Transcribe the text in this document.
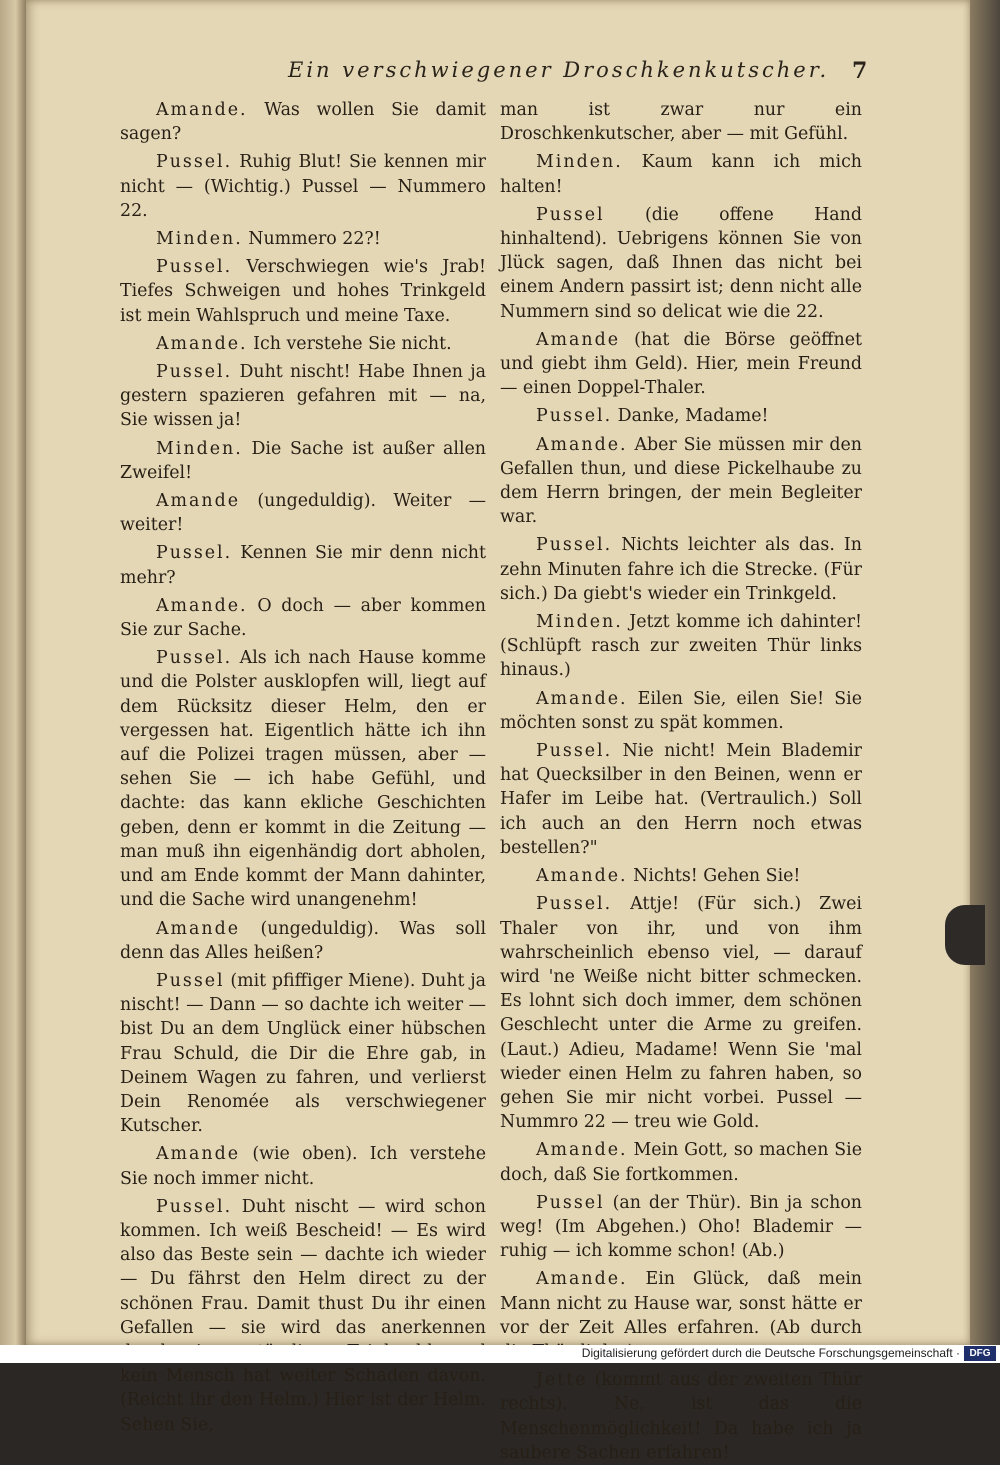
Ein verschwiegener Droschkenkutscher. 7

Amande. Was wollen Sie damit sagen?

Pussel. Ruhig Blut! Sie kennen mir nicht — (Wichtig.) Pussel — Nummero 22.

Minden. Nummero 22?!

Pussel. Verschwiegen wie's Jrab! Tiefes Schweigen und hohes Trinkgeld ist mein Wahlspruch und meine Taxe.

Amande. Ich verstehe Sie nicht.

Pussel. Duht nischt! Habe Ihnen ja gestern spazieren gefahren mit — na, Sie wissen ja!

Minden. Die Sache ist außer allen Zweifel!

Amande (ungeduldig). Weiter — weiter!

Pussel. Kennen Sie mir denn nicht mehr?

Amande. O doch — aber kommen Sie zur Sache.

Pussel. Als ich nach Hause komme und die Polster ausklopfen will, liegt auf dem Rücksitz dieser Helm, den er vergessen hat. Eigentlich hätte ich ihn auf die Polizei tragen müssen, aber — sehen Sie — ich habe Gefühl, und dachte: das kann ekliche Geschichten geben, denn er kommt in die Zeitung — man muß ihn eigenhändig dort abholen, und am Ende kommt der Mann dahinter, und die Sache wird unangenehm!

Amande (ungeduldig). Was soll denn das Alles heißen?

Pussel (mit pfiffiger Miene). Duht ja nischt! — Dann — so dachte ich weiter — bist Du an dem Unglück einer hübschen Frau Schuld, die Dir die Ehre gab, in Deinem Wagen zu fahren, und verlierst Dein Renomée als verschwiegener Kutscher.

Amande (wie oben). Ich verstehe Sie noch immer nicht.

Pussel. Duht nischt — wird schon kommen. Ich weiß Bescheid! — Es wird also das Beste sein — dachte ich wieder — Du fährst den Helm direct zu der schönen Frau. Damit thust Du ihr einen Gefallen — sie wird das anerkennen kein Mensch hat weiter Schaden davon. (Reicht ihr den Helm.) Hier ist der Helm. Sehen Sie,

man ist zwar nur ein Droschkenkutscher, aber — mit Gefühl.

Minden. Kaum kann ich mich halten!

Pussel (die offene Hand hinhaltend). Uebrigens können Sie von Jlück sagen, daß Ihnen das nicht bei einem Andern passirt ist; denn nicht alle Nummern sind so delicat wie die 22.

Amande (hat die Börse geöffnet und giebt ihm Geld). Hier, mein Freund — einen Doppel-Thaler.

Pussel. Danke, Madame!

Amande. Aber Sie müssen mir den Gefallen thun, und diese Pickelhaube zu dem Herrn bringen, der mein Begleiter war.

Pussel. Nichts leichter als das. In zehn Minuten fahre ich die Strecke. (Für sich.) Da giebt's wieder ein Trinkgeld.

Minden. Jetzt komme ich dahinter! (Schlüpft rasch zur zweiten Thür links hinaus.)

Amande. Eilen Sie, eilen Sie! Sie möchten sonst zu spät kommen.

Pussel. Nie nicht! Mein Blademir hat Quecksilber in den Beinen, wenn er Hafer im Leibe hat. (Vertraulich.) Soll ich auch an den Herrn noch etwas bestellen?"

Amande. Nichts! Gehen Sie!

Pussel. Attje! (Für sich.) Zwei Thaler von ihr, und von ihm wahrscheinlich ebenso viel, — darauf wird 'ne Weiße nicht bitter schmecken. Es lohnt sich doch immer, dem schönen Geschlecht unter die Arme zu greifen. (Laut.) Adieu, Madame! Wenn Sie 'mal wieder einen Helm zu fahren haben, so gehen Sie mir nicht vorbei. Pussel — Nummro 22 — treu wie Gold.

Amande. Mein Gott, so machen Sie doch, daß Sie fortkommen.

Pussel (an der Thür). Bin ja schon weg! (Im Abgehen.) Oho! Blademir — ruhig — ich komme schon! (Ab.)

Amande. Ein Glück, daß mein Mann nicht zu Hause war, sonst hätte er vor der Zeit Alles erfahren. (Ab durch

Jette (kommt aus der zweiten Thür rechts). Ne, ist das die Menschenmöglichkeit! Da habe ich ja saubere Sachen erfahren!

Digitalisierung gefördert durch die Deutsche Forschungsgemeinschaft · DFG
